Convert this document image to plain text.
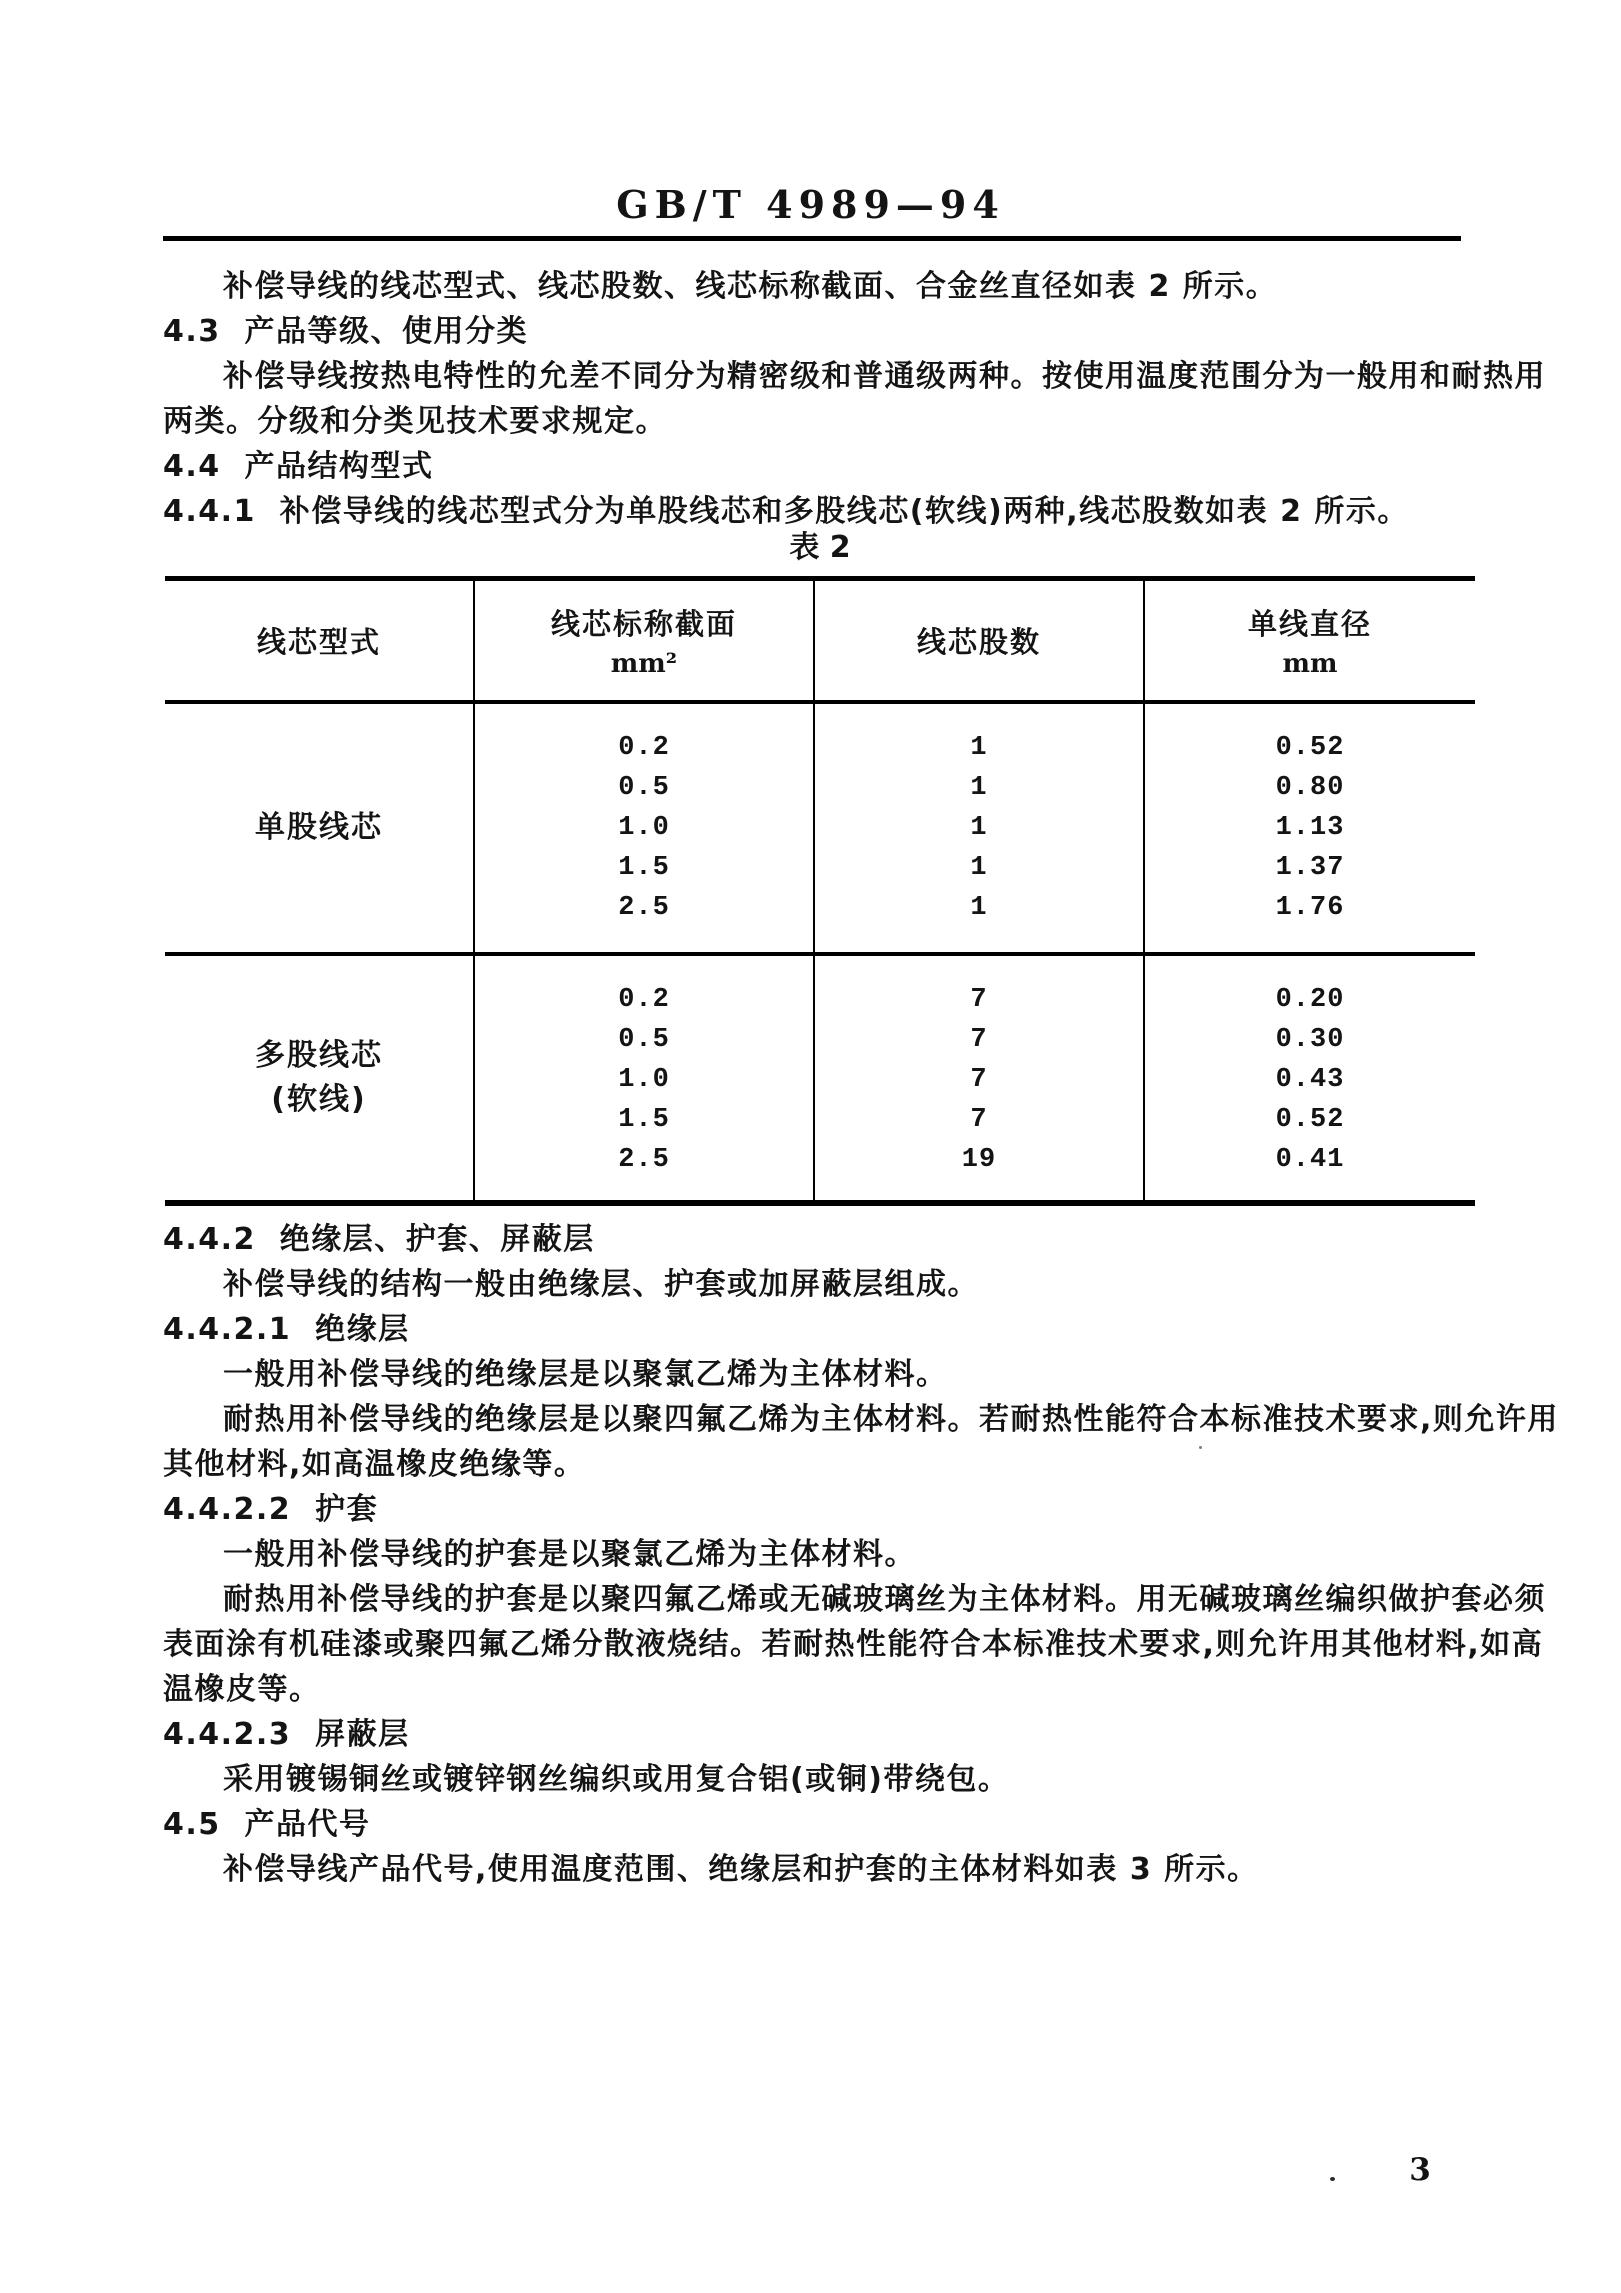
GB/T 4989—94
补偿导线的线芯型式、线芯股数、线芯标称截面、合金丝直径如表 2 所示。
4.3  产品等级、使用分类
补偿导线按热电特性的允差不同分为精密级和普通级两种。按使用温度范围分为一般用和耐热用
两类。分级和分类见技术要求规定。
4.4  产品结构型式
4.4.1  补偿导线的线芯型式分为单股线芯和多股线芯(软线)两种,线芯股数如表 2 所示。
表 2
线芯型式
线芯标称截面
mm²
线芯股数
单线直径
mm
单股线芯
0.2
0.5
1.0
1.5
2.5
1
1
1
1
1
0.52
0.80
1.13
1.37
1.76
多股线芯
(软线)
0.2
0.5
1.0
1.5
2.5
7
7
7
7
19
0.20
0.30
0.43
0.52
0.41
4.4.2  绝缘层、护套、屏蔽层
补偿导线的结构一般由绝缘层、护套或加屏蔽层组成。
4.4.2.1  绝缘层
一般用补偿导线的绝缘层是以聚氯乙烯为主体材料。
耐热用补偿导线的绝缘层是以聚四氟乙烯为主体材料。若耐热性能符合本标准技术要求,则允许用
其他材料,如高温橡皮绝缘等。
4.4.2.2  护套
一般用补偿导线的护套是以聚氯乙烯为主体材料。
耐热用补偿导线的护套是以聚四氟乙烯或无碱玻璃丝为主体材料。用无碱玻璃丝编织做护套必须
表面涂有机硅漆或聚四氟乙烯分散液烧结。若耐热性能符合本标准技术要求,则允许用其他材料,如高
温橡皮等。
4.4.2.3  屏蔽层
采用镀锡铜丝或镀锌钢丝编织或用复合铝(或铜)带绕包。
4.5  产品代号
补偿导线产品代号,使用温度范围、绝缘层和护套的主体材料如表 3 所示。
3
